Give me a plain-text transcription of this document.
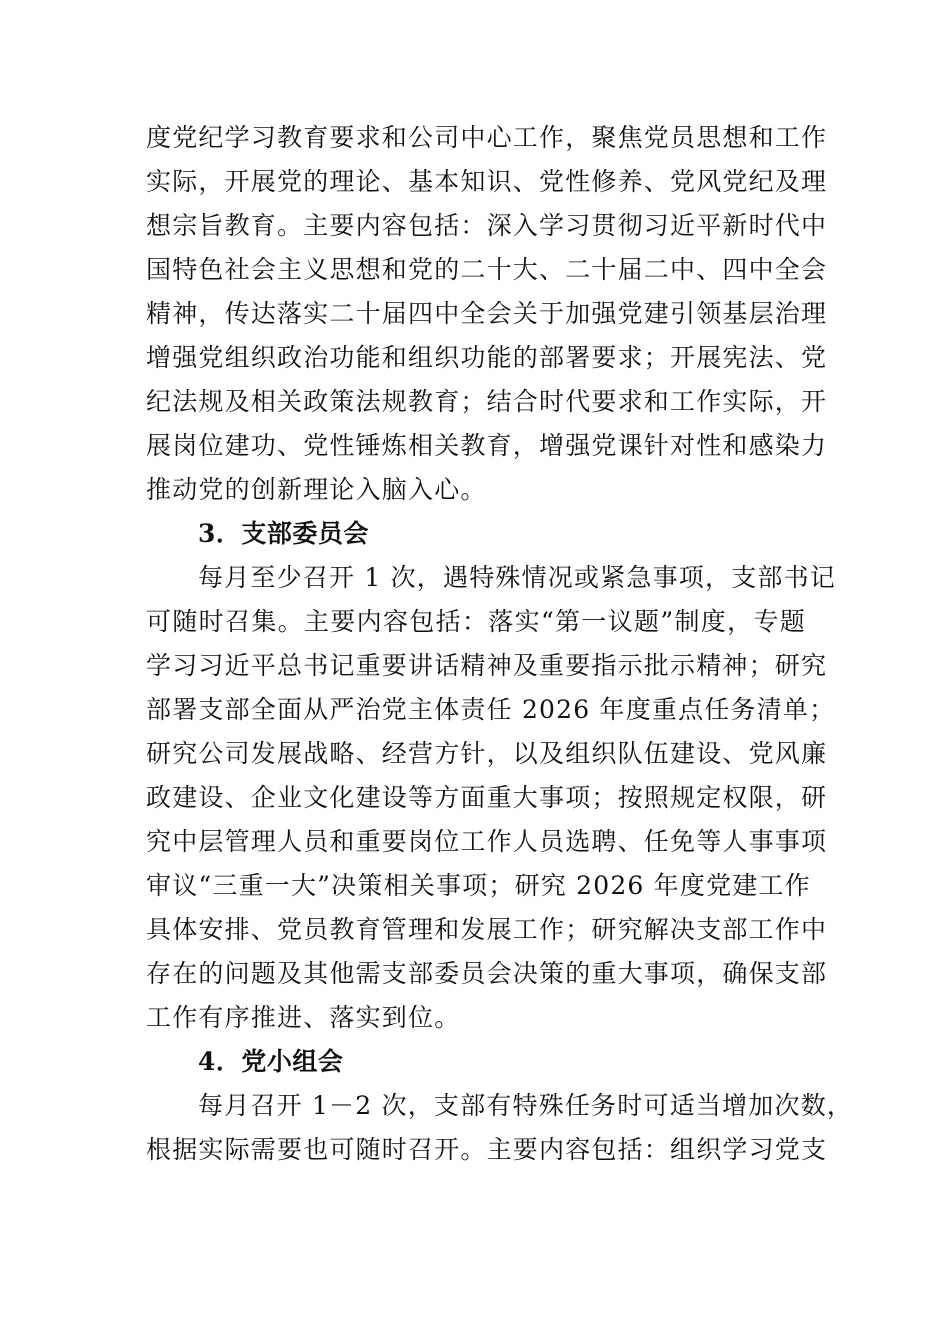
度党纪学习教育要求和公司中心工作，聚焦党员思想和工作
实际，开展党的理论、基本知识、党性修养、党风党纪及理
想宗旨教育。主要内容包括：深入学习贯彻习近平新时代中
国特色社会主义思想和党的二十大、二十届二中、四中全会
精神，传达落实二十届四中全会关于加强党建引领基层治理
增强党组织政治功能和组织功能的部署要求；开展宪法、党
纪法规及相关政策法规教育；结合时代要求和工作实际，开
展岗位建功、党性锤炼相关教育，增强党课针对性和感染力
推动党的创新理论入脑入心。
3．支部委员会
每月至少召开 1 次，遇特殊情况或紧急事项，支部书记
可随时召集。主要内容包括：落实“第一议题”制度，专题
学习习近平总书记重要讲话精神及重要指示批示精神；研究
部署支部全面从严治党主体责任 2026 年度重点任务清单；
研究公司发展战略、经营方针，以及组织队伍建设、党风廉
政建设、企业文化建设等方面重大事项；按照规定权限，研
究中层管理人员和重要岗位工作人员选聘、任免等人事事项
审议“三重一大”决策相关事项；研究 2026 年度党建工作
具体安排、党员教育管理和发展工作；研究解决支部工作中
存在的问题及其他需支部委员会决策的重大事项，确保支部
工作有序推进、落实到位。
4．党小组会
每月召开 1－2 次，支部有特殊任务时可适当增加次数，
根据实际需要也可随时召开。主要内容包括：组织学习党支
